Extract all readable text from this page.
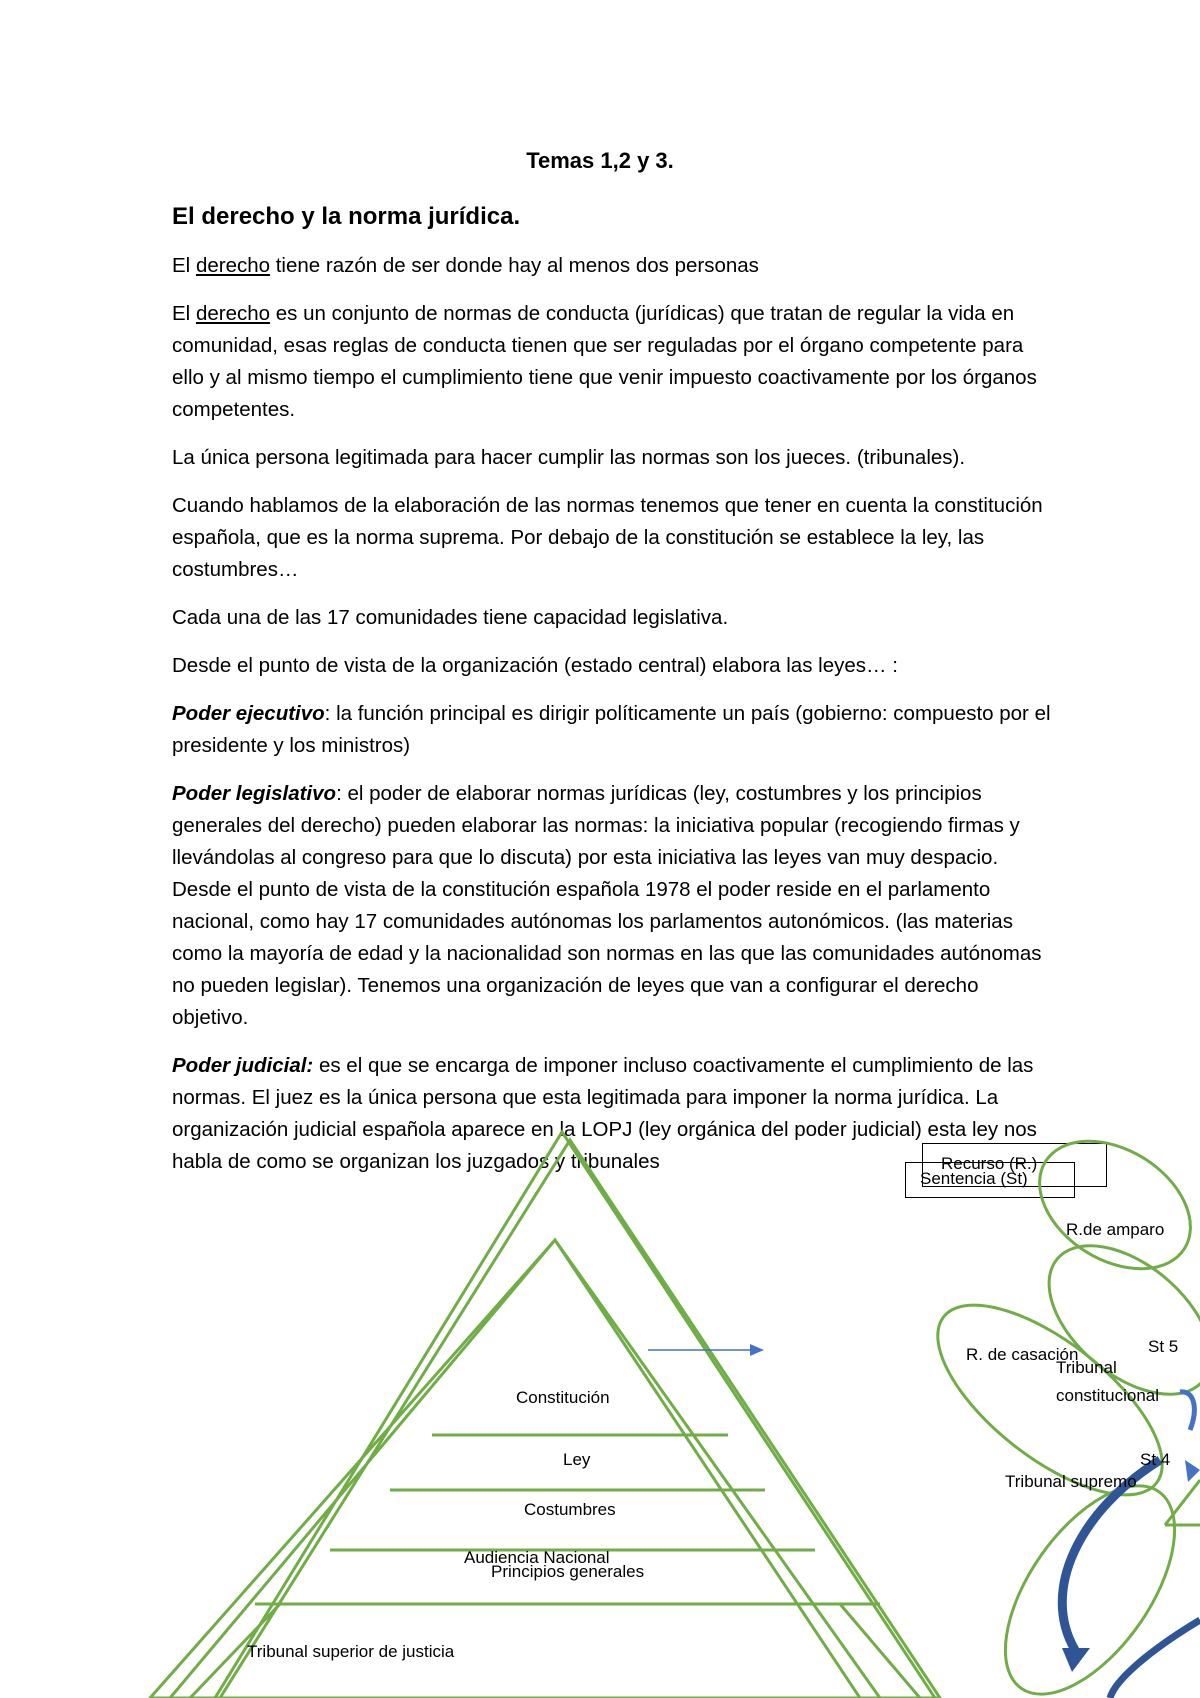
Temas 1,2 y 3.
El derecho y la norma jurídica.

El derecho tiene razón de ser donde hay al menos dos personas

El derecho es un conjunto de normas de conducta (jurídicas) que tratan de regular la vida en comunidad, esas reglas de conducta tienen que ser reguladas por el órgano competente para ello y al mismo tiempo el cumplimiento tiene que venir impuesto coactivamente por los órganos competentes.

La única persona legitimada para hacer cumplir las normas son los jueces. (tribunales).

Cuando hablamos de la elaboración de las normas tenemos que tener en cuenta la constitución española, que es la norma suprema. Por debajo de la constitución se establece la ley, las costumbres…

Cada una de las 17 comunidades tiene capacidad legislativa.

Desde el punto de vista de la organización (estado central) elabora las leyes… :

Poder ejecutivo: la función principal es dirigir políticamente un país (gobierno: compuesto por el presidente y los ministros)

Poder legislativo: el poder de elaborar normas jurídicas (ley, costumbres y los principios generales del derecho) pueden elaborar las normas: la iniciativa popular (recogiendo firmas y llevándolas al congreso para que lo discuta) por esta iniciativa las leyes van muy despacio. Desde el punto de vista de la constitución española 1978 el poder reside en el parlamento nacional, como hay 17 comunidades autónomas los parlamentos autonómicos. (las materias como la mayoría de edad y la nacionalidad son normas en las que las comunidades autónomas no pueden legislar). Tenemos una organización de leyes que van a configurar el derecho objetivo.

Poder judicial: es el que se encarga de imponer incluso coactivamente el cumplimiento de las normas. El juez es la única persona que esta legitimada para imponer la norma jurídica. La organización judicial española aparece en la LOPJ (ley orgánica del poder judicial) esta ley nos habla de como se organizan los juzgados y tribunales

Sentencia (St)
Recurso (R.)
Constitución
Ley
Costumbres
Audiencia Nacional
Principios generales
Tribunal superior de justicia
R.de amparo
R. de casación	St 5
Tribunal
constitucional
St 4
Tribunal supremo
